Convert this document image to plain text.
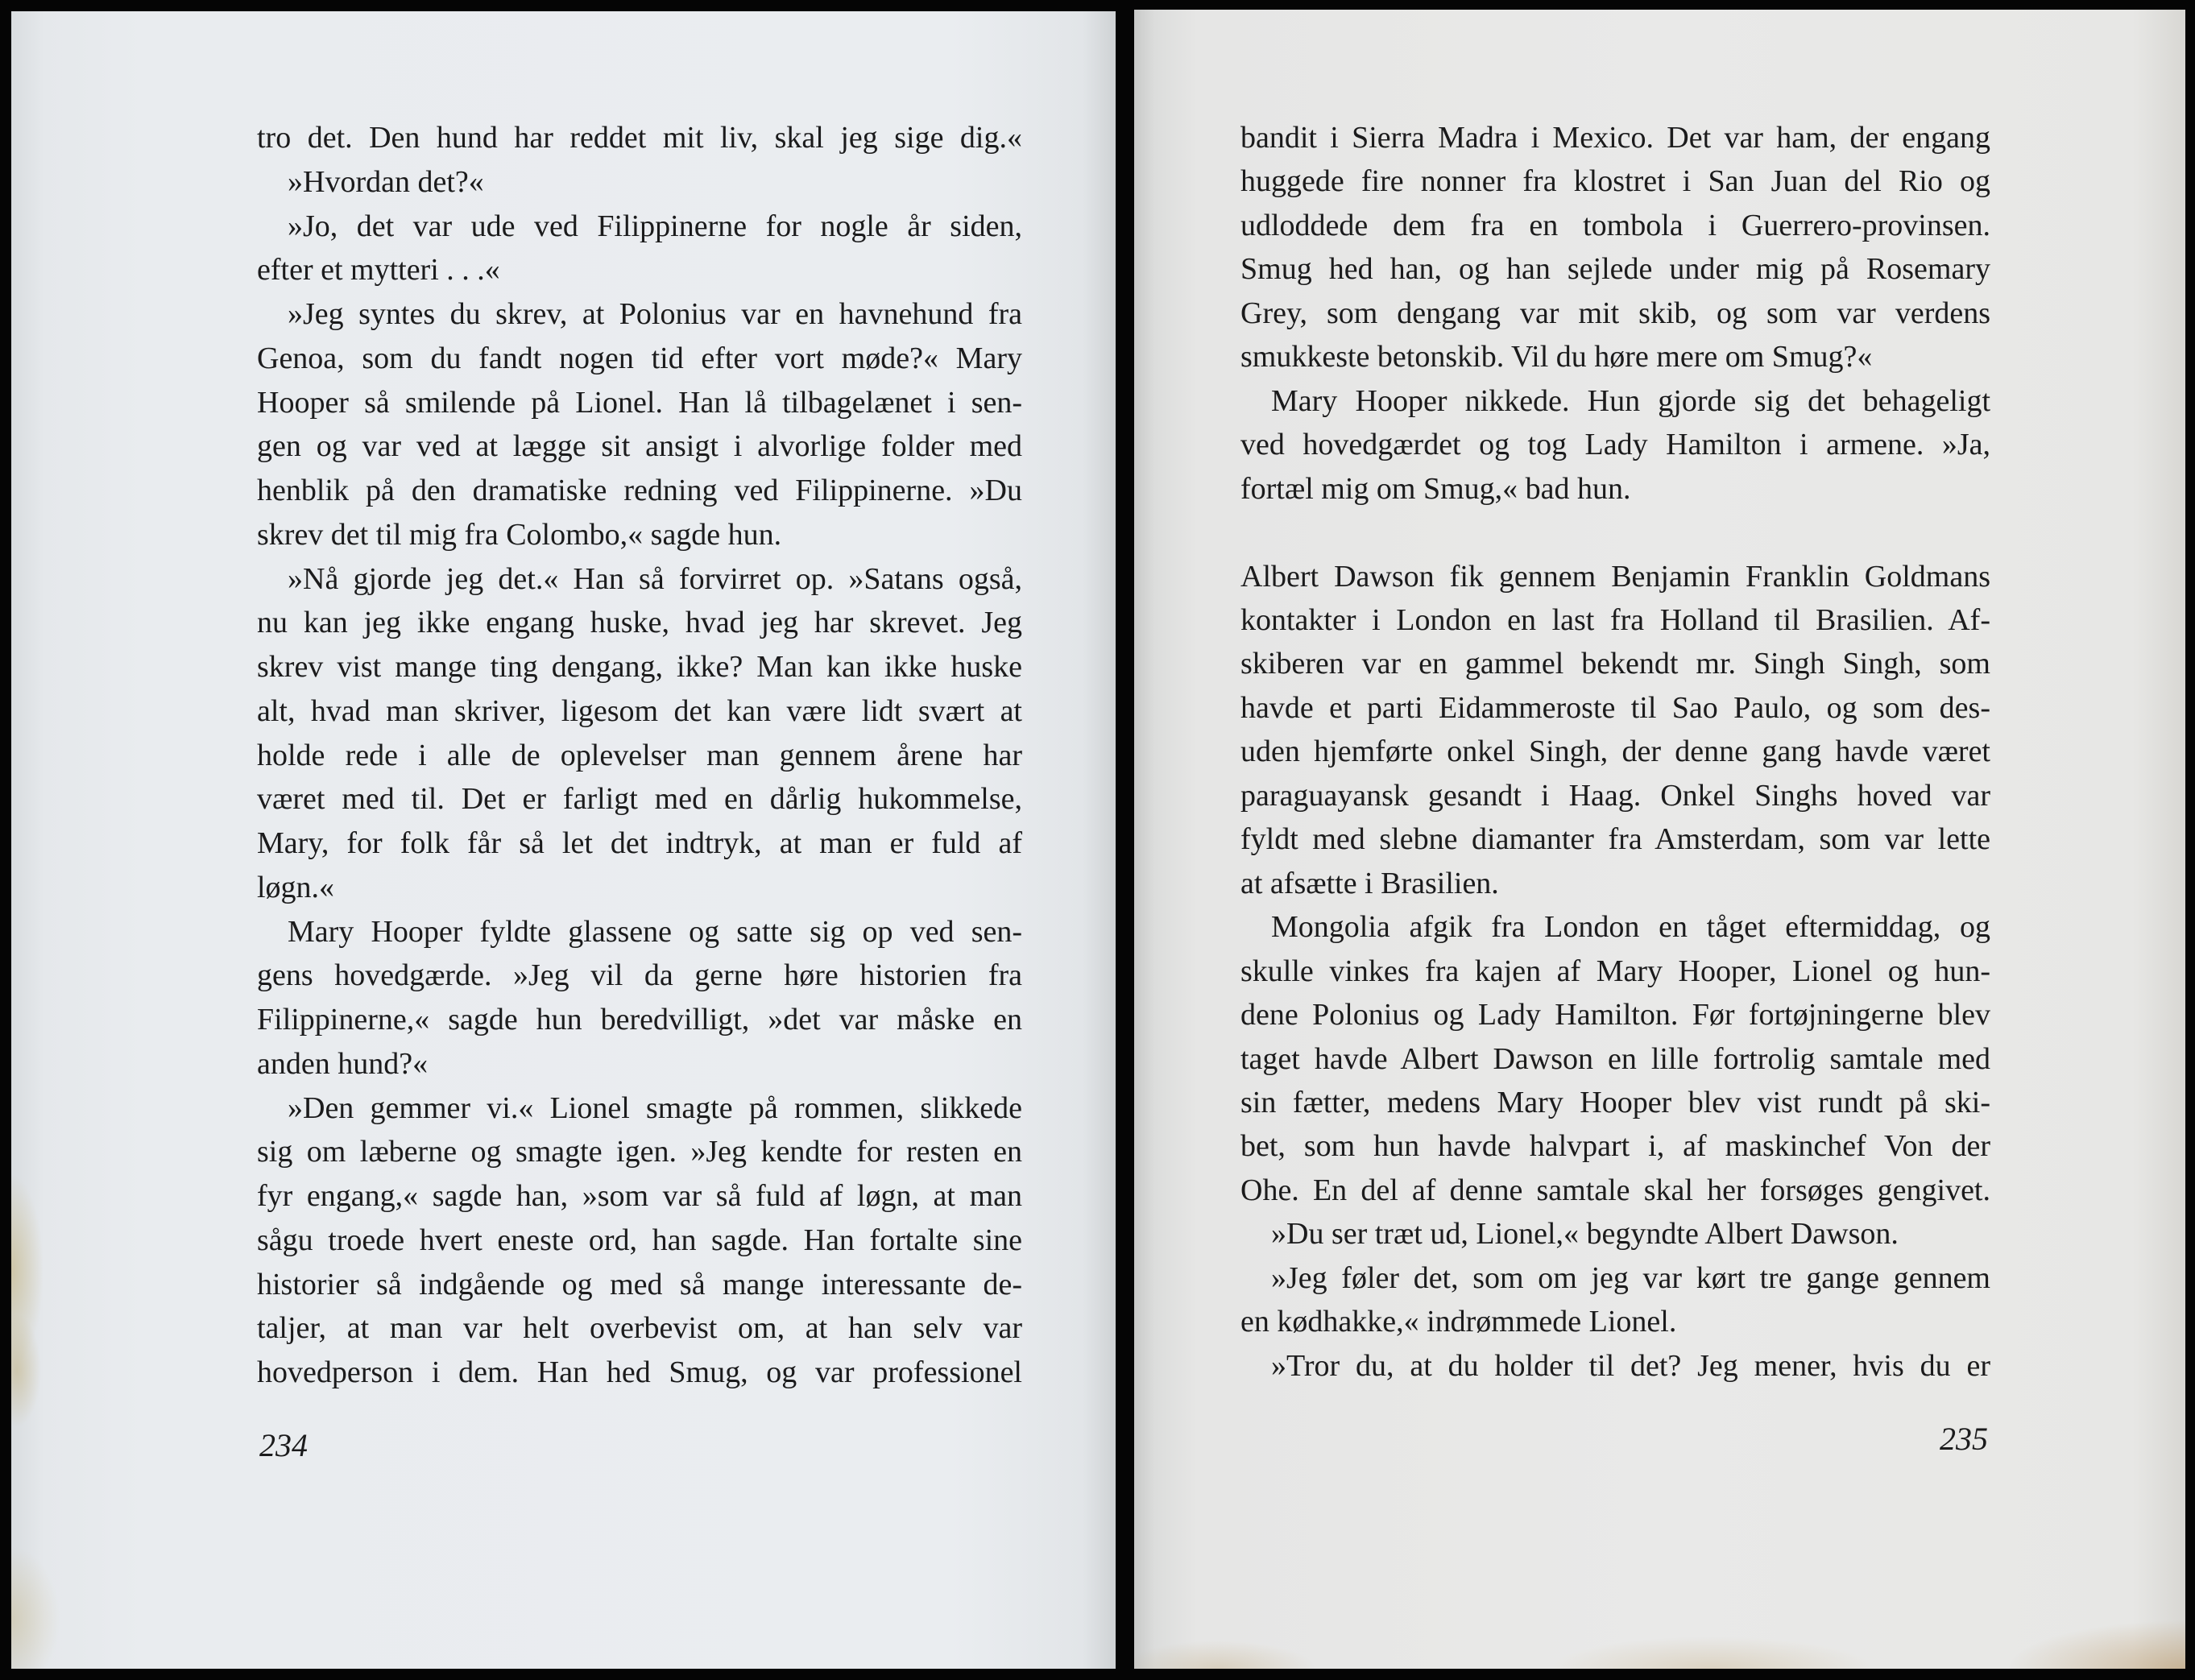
tro det. Den hund har reddet mit liv, skal jeg sige dig.«
»Hvordan det?«
»Jo, det var ude ved Filippinerne for nogle år siden,
efter et mytteri . . .«
»Jeg syntes du skrev, at Polonius var en havnehund fra
Genoa, som du fandt nogen tid efter vort møde?« Mary
Hooper så smilende på Lionel. Han lå tilbagelænet i sen-
gen og var ved at lægge sit ansigt i alvorlige folder med
henblik på den dramatiske redning ved Filippinerne. »Du
skrev det til mig fra Colombo,« sagde hun.
»Nå gjorde jeg det.« Han så forvirret op. »Satans også,
nu kan jeg ikke engang huske, hvad jeg har skrevet. Jeg
skrev vist mange ting dengang, ikke? Man kan ikke huske
alt, hvad man skriver, ligesom det kan være lidt svært at
holde rede i alle de oplevelser man gennem årene har
været med til. Det er farligt med en dårlig hukommelse,
Mary, for folk får så let det indtryk, at man er fuld af
løgn.«
Mary Hooper fyldte glassene og satte sig op ved sen-
gens hovedgærde. »Jeg vil da gerne høre historien fra
Filippinerne,« sagde hun beredvilligt, »det var måske en
anden hund?«
»Den gemmer vi.« Lionel smagte på rommen, slikkede
sig om læberne og smagte igen. »Jeg kendte for resten en
fyr engang,« sagde han, »som var så fuld af løgn, at man
sågu troede hvert eneste ord, han sagde. Han fortalte sine
historier så indgående og med så mange interessante de-
taljer, at man var helt overbevist om, at han selv var
hovedperson i dem. Han hed Smug, og var professionel
234
bandit i Sierra Madra i Mexico. Det var ham, der engang
huggede fire nonner fra klostret i San Juan del Rio og
udloddede dem fra en tombola i Guerrero-provinsen.
Smug hed han, og han sejlede under mig på Rosemary
Grey, som dengang var mit skib, og som var verdens
smukkeste betonskib. Vil du høre mere om Smug?«
Mary Hooper nikkede. Hun gjorde sig det behageligt
ved hovedgærdet og tog Lady Hamilton i armene. »Ja,
fortæl mig om Smug,« bad hun.
Albert Dawson fik gennem Benjamin Franklin Goldmans
kontakter i London en last fra Holland til Brasilien. Af-
skiberen var en gammel bekendt mr. Singh Singh, som
havde et parti Eidammeroste til Sao Paulo, og som des-
uden hjemførte onkel Singh, der denne gang havde været
paraguayansk gesandt i Haag. Onkel Singhs hoved var
fyldt med slebne diamanter fra Amsterdam, som var lette
at afsætte i Brasilien.
Mongolia afgik fra London en tåget eftermiddag, og
skulle vinkes fra kajen af Mary Hooper, Lionel og hun-
dene Polonius og Lady Hamilton. Før fortøjningerne blev
taget havde Albert Dawson en lille fortrolig samtale med
sin fætter, medens Mary Hooper blev vist rundt på ski-
bet, som hun havde halvpart i, af maskinchef Von der
Ohe. En del af denne samtale skal her forsøges gengivet.
»Du ser træt ud, Lionel,« begyndte Albert Dawson.
»Jeg føler det, som om jeg var kørt tre gange gennem
en kødhakke,« indrømmede Lionel.
»Tror du, at du holder til det? Jeg mener, hvis du er
235
